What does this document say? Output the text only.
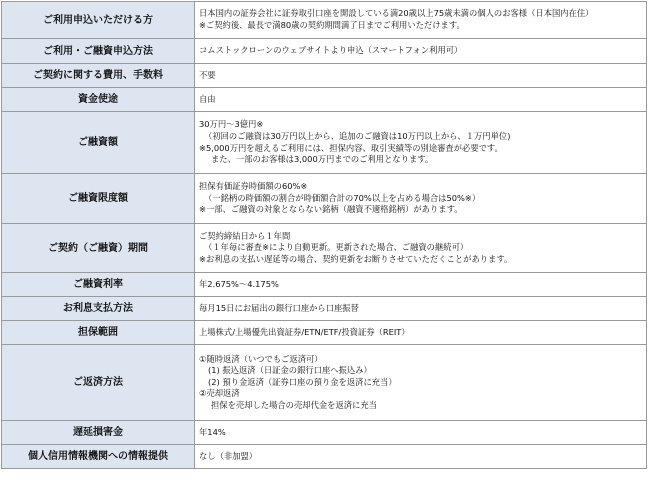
ご利用申込いただける方	日本国内の証券会社に証券取引口座を開設している満20歳以上75歳未満の個人のお客様（日本国内在住）
※ご契約後、最長で満80歳の契約期間満了日までご利用いただけます。

ご利用・ご融資申込方法	コムストックローンのウェブサイトより申込（スマートフォン利用可）

ご契約に関する費用、手数料	不要

資金使途	自由

ご融資額	30万円～3億円※
（初回のご融資は30万円以上から、追加のご融資は10万円以上から、１万円単位)
※5,000万円を超えるご利用には、担保内容、取引実績等の別途審査が必要です。
また、一部のお客様は3,000万円までのご利用となります。

ご融資限度額	担保有価証券時価額の60%※
（一銘柄の時価額の割合が時価額合計の70%以上を占める場合は50%※）
※一部、ご融資の対象とならない銘柄（融資不適格銘柄）があります。

ご契約（ご融資）期間	ご契約締結日から１年間
（１年毎に審査※により自動更新。更新された場合、ご融資の継続可）
※お利息の支払い遅延等の場合、契約更新をお断りさせていただくことがあります。

ご融資利率	年2.675%～4.175%

お利息支払方法	毎月15日にお届出の銀行口座から口座振替

担保範囲	上場株式/上場優先出資証券/ETN/ETF/投資証券（REIT）

ご返済方法	①随時返済（いつでもご返済可）
(1) 振込返済（日証金の銀行口座へ振込み）
(2) 預り金返済（証券口座の預り金を返済に充当）
②売却返済
担保を売却した場合の売却代金を返済に充当

遅延損害金	年14%

個人信用情報機関への情報提供	なし（非加盟）
